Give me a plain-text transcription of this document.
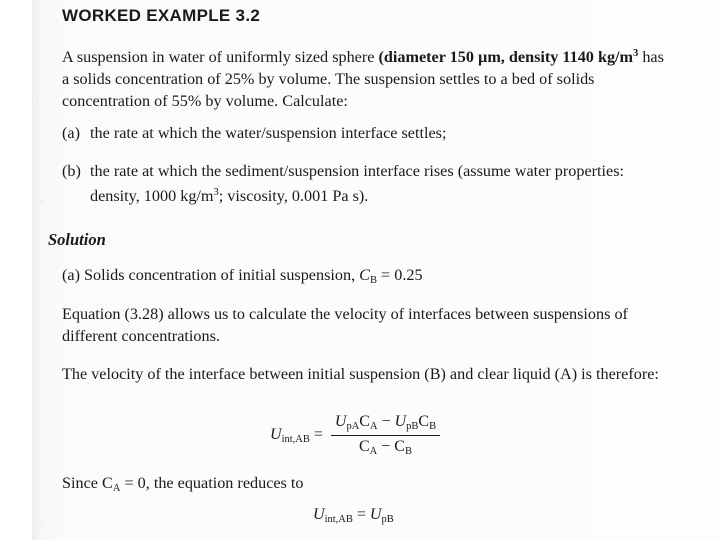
·
·
·
WORKED EXAMPLE 3.2

A suspension in water of uniformly sized sphere (diameter 150 µm, density 1140 $kg/m^3$ has a solids concentration of 25% by volume. The suspension settles to a bed of solids concentration of 55% by volume. Calculate:

(a) the rate at which the water/suspension interface settles;

(b) the rate at which the sediment/suspension interface rises (assume water properties:
density, 1000 $kg/m^3$; viscosity, 0.001 Pa s).

Solution

(a) Solids concentration of initial suspension, $C_B = 0.25$

Equation (3.28) allows us to calculate the velocity of interfaces between suspensions of different concentrations.

The velocity of the interface between initial suspension (B) and clear liquid (A) is therefore:

$U_{int,AB} = \frac{U_{pA}C_A - U_{pB}C_B}{C_A - C_B}$

Since $C_A = 0$, the equation reduces to

$U_{int,AB} = U_{pB}$
